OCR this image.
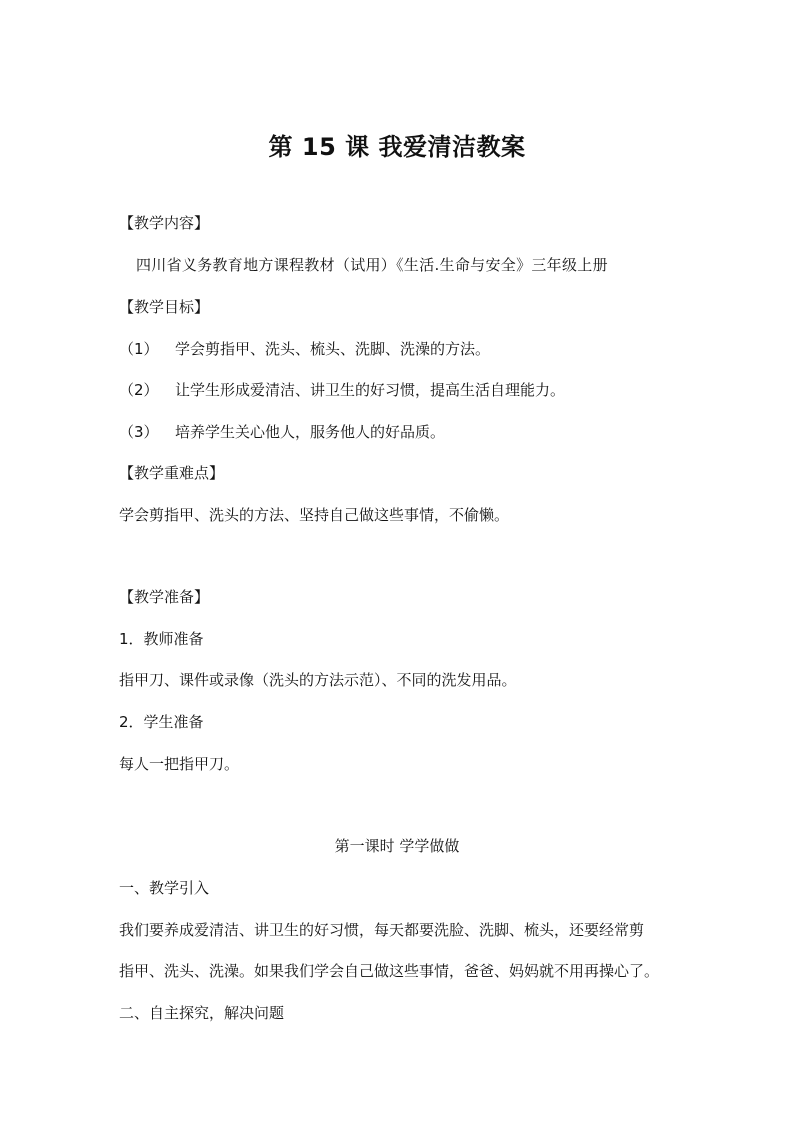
第 15 课 我爱清洁教案
【教学内容】
四川省义务教育地方课程教材（试用）《生活.生命与安全》三年级上册
【教学目标】
（1） 学会剪指甲、洗头、梳头、洗脚、洗澡的方法。
（2） 让学生形成爱清洁、讲卫生的好习惯，提高生活自理能力。
（3） 培养学生关心他人，服务他人的好品质。
【教学重难点】
学会剪指甲、洗头的方法、坚持自己做这些事情，不偷懒。
【教学准备】
1．教师准备
指甲刀、课件或录像（洗头的方法示范）、不同的洗发用品。
2．学生准备
每人一把指甲刀。
第一课时 学学做做
一、教学引入
我们要养成爱清洁、讲卫生的好习惯，每天都要洗脸、洗脚、梳头，还要经常剪
指甲、洗头、洗澡。如果我们学会自己做这些事情，爸爸、妈妈就不用再操心了。
二、自主探究，解决问题
